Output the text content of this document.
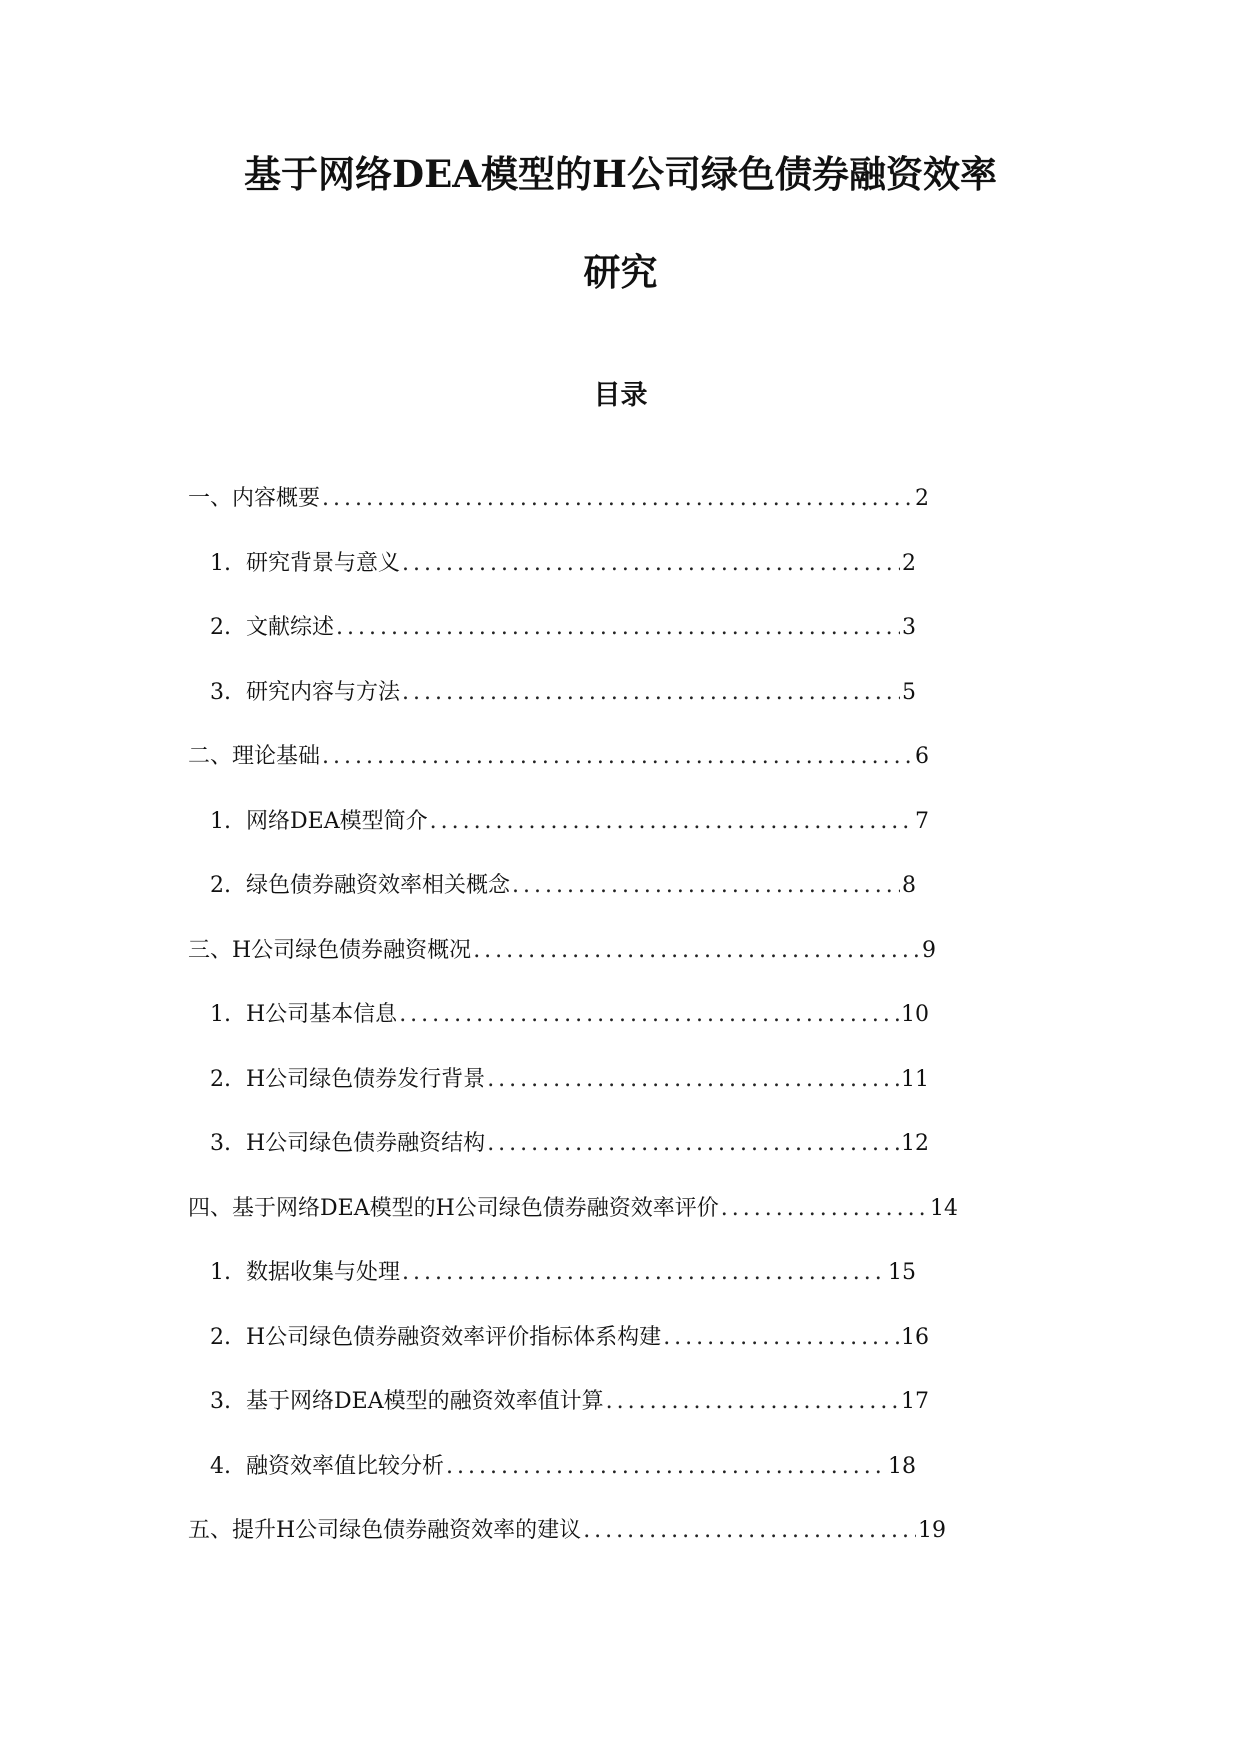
基于网络DEA模型的H公司绿色债券融资效率
研究
目录
一、内容概要 .....	2
1. 研究背景与意义 .....	2
2. 文献综述 .....	3
3. 研究内容与方法 .....	5
二、理论基础 .....	6
1. 网络DEA模型简介 .....	7
2. 绿色债券融资效率相关概念 .....	8
三、H公司绿色债券融资概况 .....	9
1. H公司基本信息 .....	10
2. H公司绿色债券发行背景 .....	11
3. H公司绿色债券融资结构 .....	12
四、基于网络DEA模型的H公司绿色债券融资效率评价 .....	14
1. 数据收集与处理 .....	15
2. H公司绿色债券融资效率评价指标体系构建 .....	16
3. 基于网络DEA模型的融资效率值计算 .....	17
4. 融资效率值比较分析 .....	18
五、提升H公司绿色债券融资效率的建议 .....	19
